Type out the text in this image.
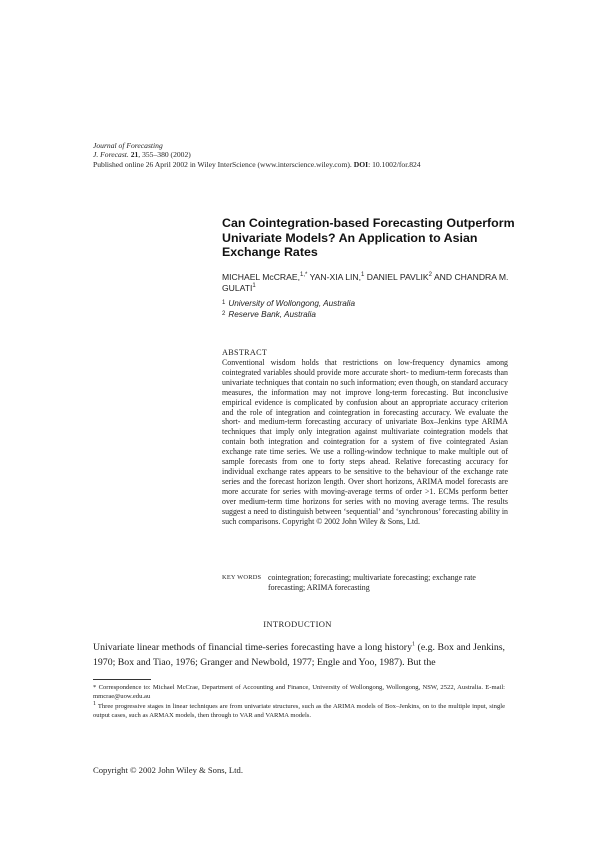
Journal of Forecasting
J. Forecast. 21, 355–380 (2002)
Published online 26 April 2002 in Wiley InterScience (www.interscience.wiley.com). DOI: 10.1002/for.824
Can Cointegration-based Forecasting Outperform Univariate Models? An Application to Asian Exchange Rates
MICHAEL McCRAE,$^{1,*}$ YAN-XIA LIN,$^1$ DANIEL PAVLIK$^2$ AND CHANDRA M. GULATI$^1$
$^1$ University of Wollongong, Australia
$^2$ Reserve Bank, Australia
ABSTRACT
Conventional wisdom holds that restrictions on low-frequency dynamics among cointegrated variables should provide more accurate short- to medium-term forecasts than univariate techniques that contain no such information; even though, on standard accuracy measures, the information may not improve long-term forecasting. But inconclusive empirical evidence is complicated by confusion about an appropriate accuracy criterion and the role of integration and cointegration in forecasting accuracy. We evaluate the short- and medium-term forecasting accuracy of univariate Box–Jenkins type ARIMA techniques that imply only integration against multivariate cointegration models that contain both integration and cointegration for a system of five cointegrated Asian exchange rate time series. We use a rolling-window technique to make multiple out of sample forecasts from one to forty steps ahead. Relative forecasting accuracy for individual exchange rates appears to be sensitive to the behaviour of the exchange rate series and the forecast horizon length. Over short horizons, ARIMA model forecasts are more accurate for series with moving-average terms of order >1. ECMs perform better over medium-term time horizons for series with no moving average terms. The results suggest a need to distinguish between ‘sequential’ and ‘synchronous’ forecasting ability in such comparisons. Copyright © 2002 John Wiley & Sons, Ltd.
KEY WORDS cointegration; forecasting; multivariate forecasting; exchange rate forecasting; ARIMA forecasting
INTRODUCTION
Univariate linear methods of financial time-series forecasting have a long history$^1$ (e.g. Box and Jenkins, 1970; Box and Tiao, 1976; Granger and Newbold, 1977; Engle and Yoo, 1987). But the
* Correspondence to: Michael McCrae, Department of Accounting and Finance, University of Wollongong, Wollongong, NSW, 2522, Australia. E-mail: mmcrae@uow.edu.au
$^1$ Three progressive stages in linear techniques are from univariate structures, such as the ARIMA models of Box–Jenkins, on to the multiple input, single output cases, such as ARMAX models, then through to VAR and VARMA models.
Copyright © 2002 John Wiley & Sons, Ltd.
